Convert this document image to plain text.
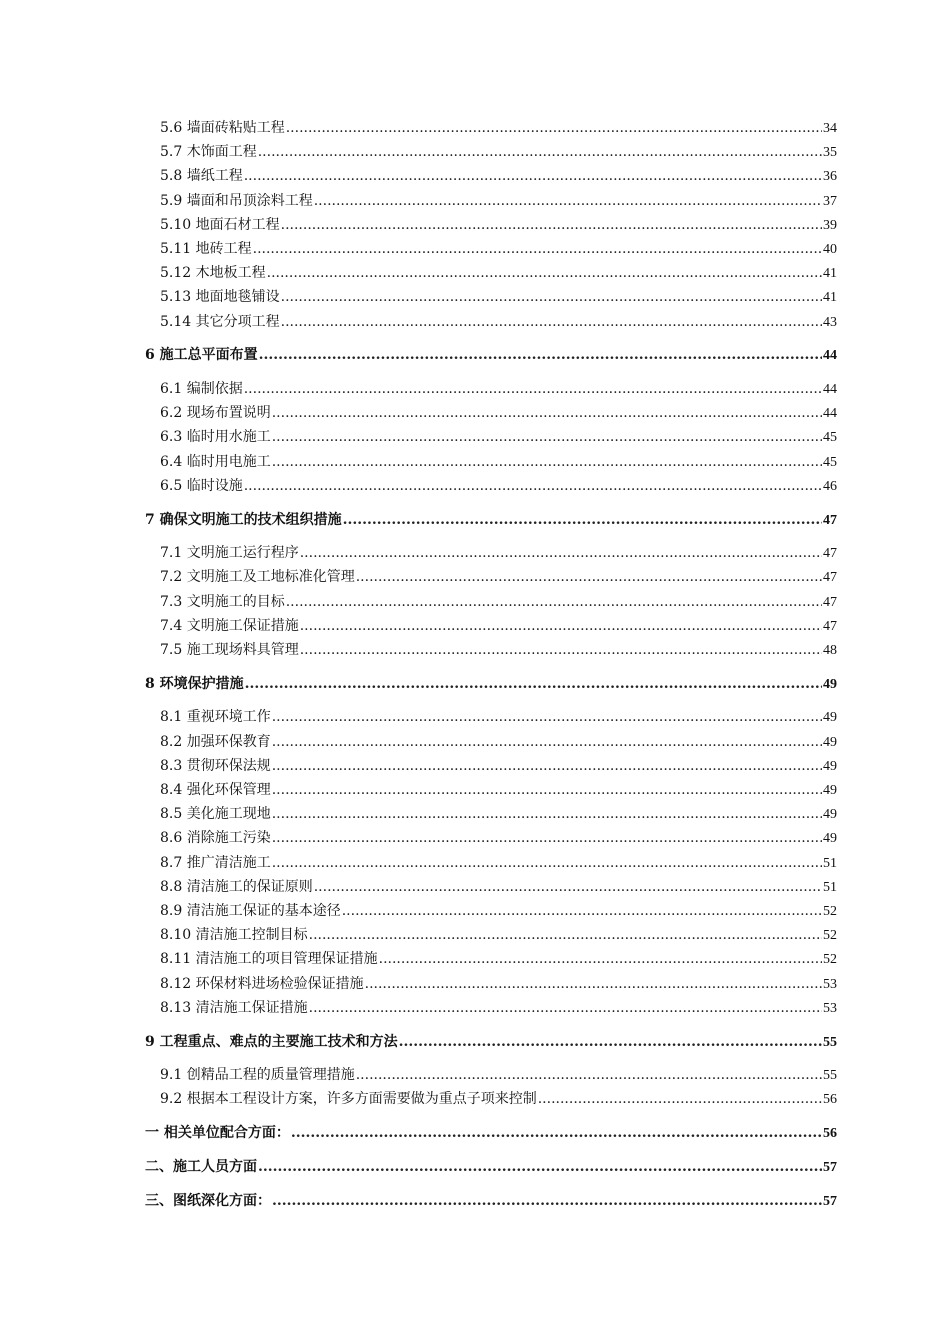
5.6 墙面砖粘贴工程 .....	34
5.7 木饰面工程 .....	35
5.8 墙纸工程 .....	36
5.9 墙面和吊顶涂料工程 .....	37
5.10 地面石材工程 .....	39
5.11 地砖工程 .....	40
5.12 木地板工程 .....	41
5.13 地面地毯铺设 .....	41
5.14 其它分项工程 .....	43
6 施工总平面布置 .....	44
6.1 编制依据 .....	44
6.2 现场布置说明 .....	44
6.3 临时用水施工 .....	45
6.4 临时用电施工 .....	45
6.5 临时设施 .....	46
7 确保文明施工的技术组织措施 .....	47
7.1 文明施工运行程序 .....	47
7.2 文明施工及工地标准化管理 .....	47
7.3 文明施工的目标 .....	47
7.4 文明施工保证措施 .....	47
7.5 施工现场料具管理 .....	48
8 环境保护措施 .....	49
8.1 重视环境工作 .....	49
8.2 加强环保教育 .....	49
8.3 贯彻环保法规 .....	49
8.4 强化环保管理 .....	49
8.5 美化施工现地 .....	49
8.6 消除施工污染 .....	49
8.7 推广清洁施工 .....	51
8.8 清洁施工的保证原则 .....	51
8.9 清洁施工保证的基本途径 .....	52
8.10 清洁施工控制目标 .....	52
8.11 清洁施工的项目管理保证措施 .....	52
8.12 环保材料进场检验保证措施 .....	53
8.13 清洁施工保证措施 .....	53
9 工程重点、难点的主要施工技术和方法 .....	55
9.1 创精品工程的质量管理措施 .....	55
9.2 根据本工程设计方案，许多方面需要做为重点子项来控制 .....	56
一 相关单位配合方面： .....	56
二、施工人员方面 .....	57
三、图纸深化方面： .....	57
